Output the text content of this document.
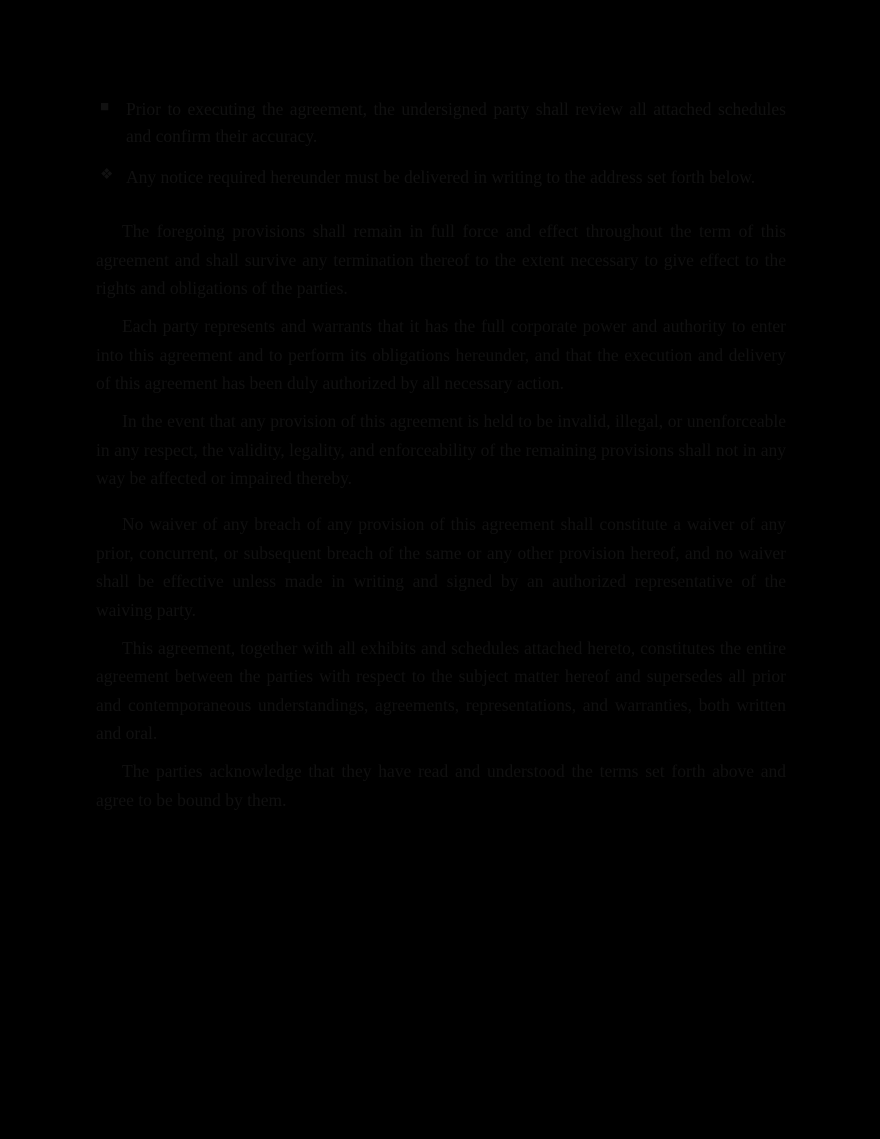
■ Prior to executing the agreement, the undersigned party shall review all attached schedules and confirm their accuracy.
❖ Any notice required hereunder must be delivered in writing to the address set forth below.

The foregoing provisions shall remain in full force and effect throughout the term of this agreement and shall survive any termination thereof to the extent necessary to give effect to the rights and obligations of the parties.

Each party represents and warrants that it has the full corporate power and authority to enter into this agreement and to perform its obligations hereunder, and that the execution and delivery of this agreement has been duly authorized by all necessary action.

In the event that any provision of this agreement is held to be invalid, illegal, or unenforceable in any respect, the validity, legality, and enforceability of the remaining provisions shall not in any way be affected or impaired thereby.

No waiver of any breach of any provision of this agreement shall constitute a waiver of any prior, concurrent, or subsequent breach of the same or any other provision hereof, and no waiver shall be effective unless made in writing and signed by an authorized representative of the waiving party.

This agreement, together with all exhibits and schedules attached hereto, constitutes the entire agreement between the parties with respect to the subject matter hereof and supersedes all prior and contemporaneous understandings, agreements, representations, and warranties, both written and oral.

The parties acknowledge that they have read and understood the terms set forth above and agree to be bound by them.
